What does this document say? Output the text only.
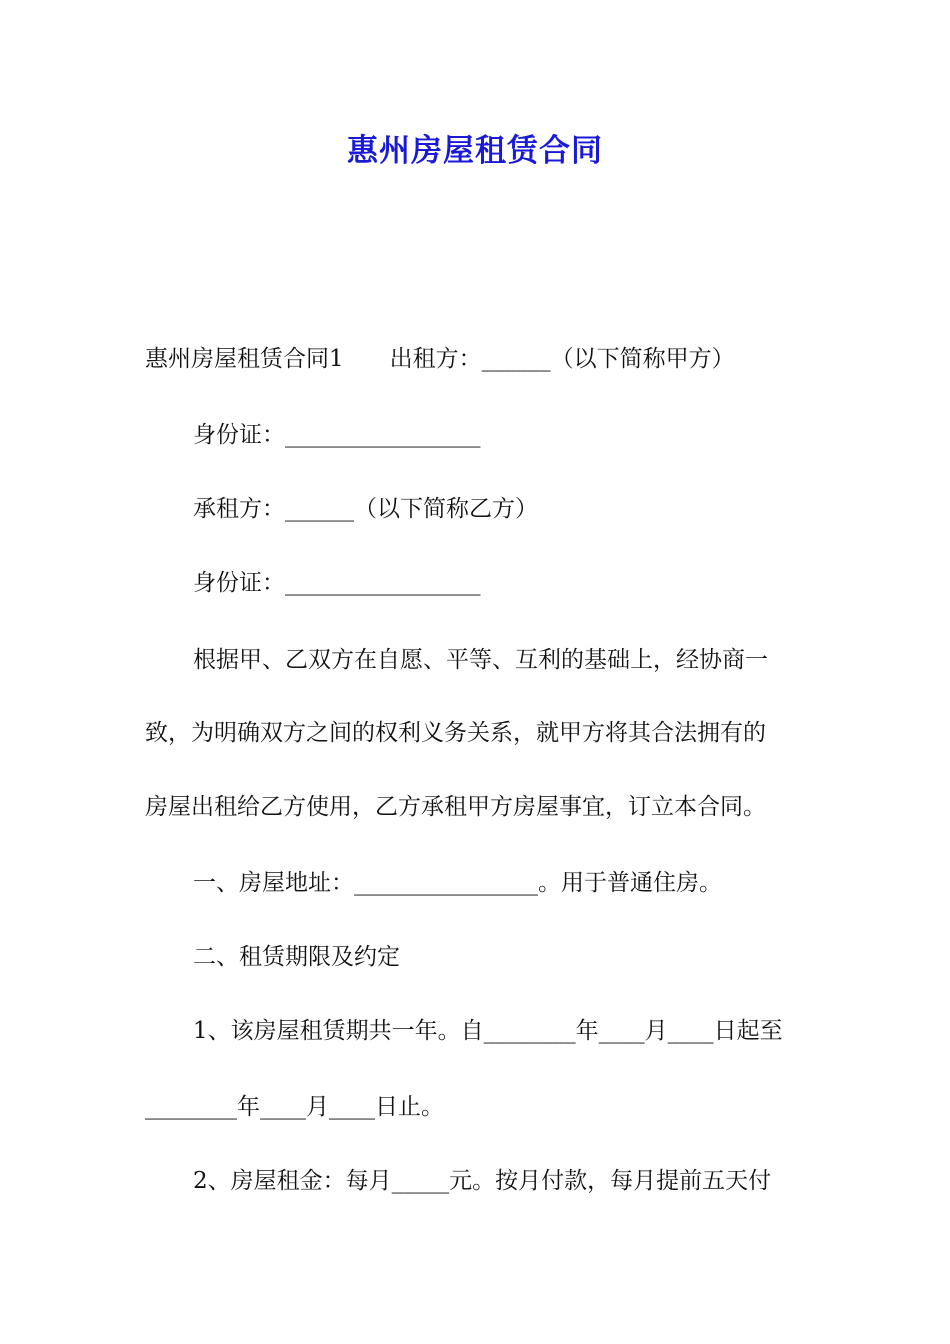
惠州房屋租赁合同
惠州房屋租赁合同1　　出租方：______（以下简称甲方）
身份证：_________________
承租方：______（以下简称乙方）
身份证：_________________
根据甲、乙双方在自愿、平等、互利的基础上，经协商一
致，为明确双方之间的权利义务关系，就甲方将其合法拥有的
房屋出租给乙方使用，乙方承租甲方房屋事宜，订立本合同。
一、房屋地址：________________。用于普通住房。
二、租赁期限及约定
1、该房屋租赁期共一年。自________年____月____日起至
________年____月____日止。
2、房屋租金：每月_____元。按月付款，每月提前五天付
